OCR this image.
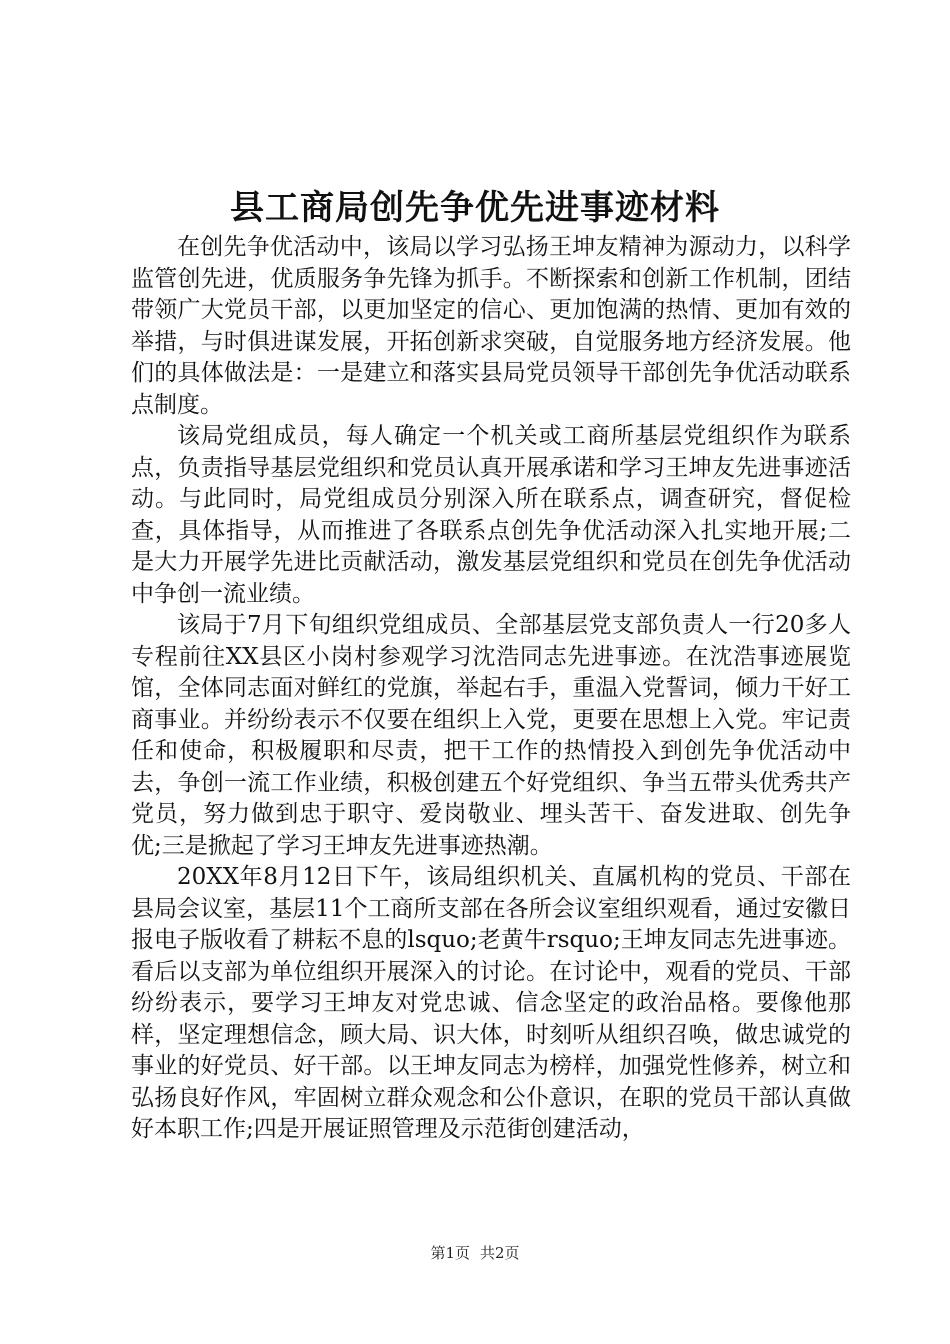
县工商局创先争优先进事迹材料

在创先争优活动中，该局以学习弘扬王坤友精神为源动力，以科学监管创先进，优质服务争先锋为抓手。不断探索和创新工作机制，团结带领广大党员干部，以更加坚定的信心、更加饱满的热情、更加有效的举措，与时俱进谋发展，开拓创新求突破，自觉服务地方经济发展。他们的具体做法是：一是建立和落实县局党员领导干部创先争优活动联系点制度。

该局党组成员，每人确定一个机关或工商所基层党组织作为联系点，负责指导基层党组织和党员认真开展承诺和学习王坤友先进事迹活动。与此同时，局党组成员分别深入所在联系点，调查研究，督促检查，具体指导，从而推进了各联系点创先争优活动深入扎实地开展;二是大力开展学先进比贡献活动，激发基层党组织和党员在创先争优活动中争创一流业绩。

该局于7月下旬组织党组成员、全部基层党支部负责人一行20多人专程前往XX县区小岗村参观学习沈浩同志先进事迹。在沈浩事迹展览馆，全体同志面对鲜红的党旗，举起右手，重温入党誓词，倾力干好工商事业。并纷纷表示不仅要在组织上入党，更要在思想上入党。牢记责任和使命，积极履职和尽责，把干工作的热情投入到创先争优活动中去，争创一流工作业绩，积极创建五个好党组织、争当五带头优秀共产党员，努力做到忠于职守、爱岗敬业、埋头苦干、奋发进取、创先争优;三是掀起了学习王坤友先进事迹热潮。

20XX年8月12日下午，该局组织机关、直属机构的党员、干部在县局会议室，基层11个工商所支部在各所会议室组织观看，通过安徽日报电子版收看了耕耘不息的lsquo;老黄牛rsquo;王坤友同志先进事迹。看后以支部为单位组织开展深入的讨论。在讨论中，观看的党员、干部纷纷表示，要学习王坤友对党忠诚、信念坚定的政治品格。要像他那样，坚定理想信念，顾大局、识大体，时刻听从组织召唤，做忠诚党的事业的好党员、好干部。以王坤友同志为榜样，加强党性修养，树立和弘扬良好作风，牢固树立群众观念和公仆意识，在职的党员干部认真做好本职工作;四是开展证照管理及示范街创建活动，

第1页 共2页
